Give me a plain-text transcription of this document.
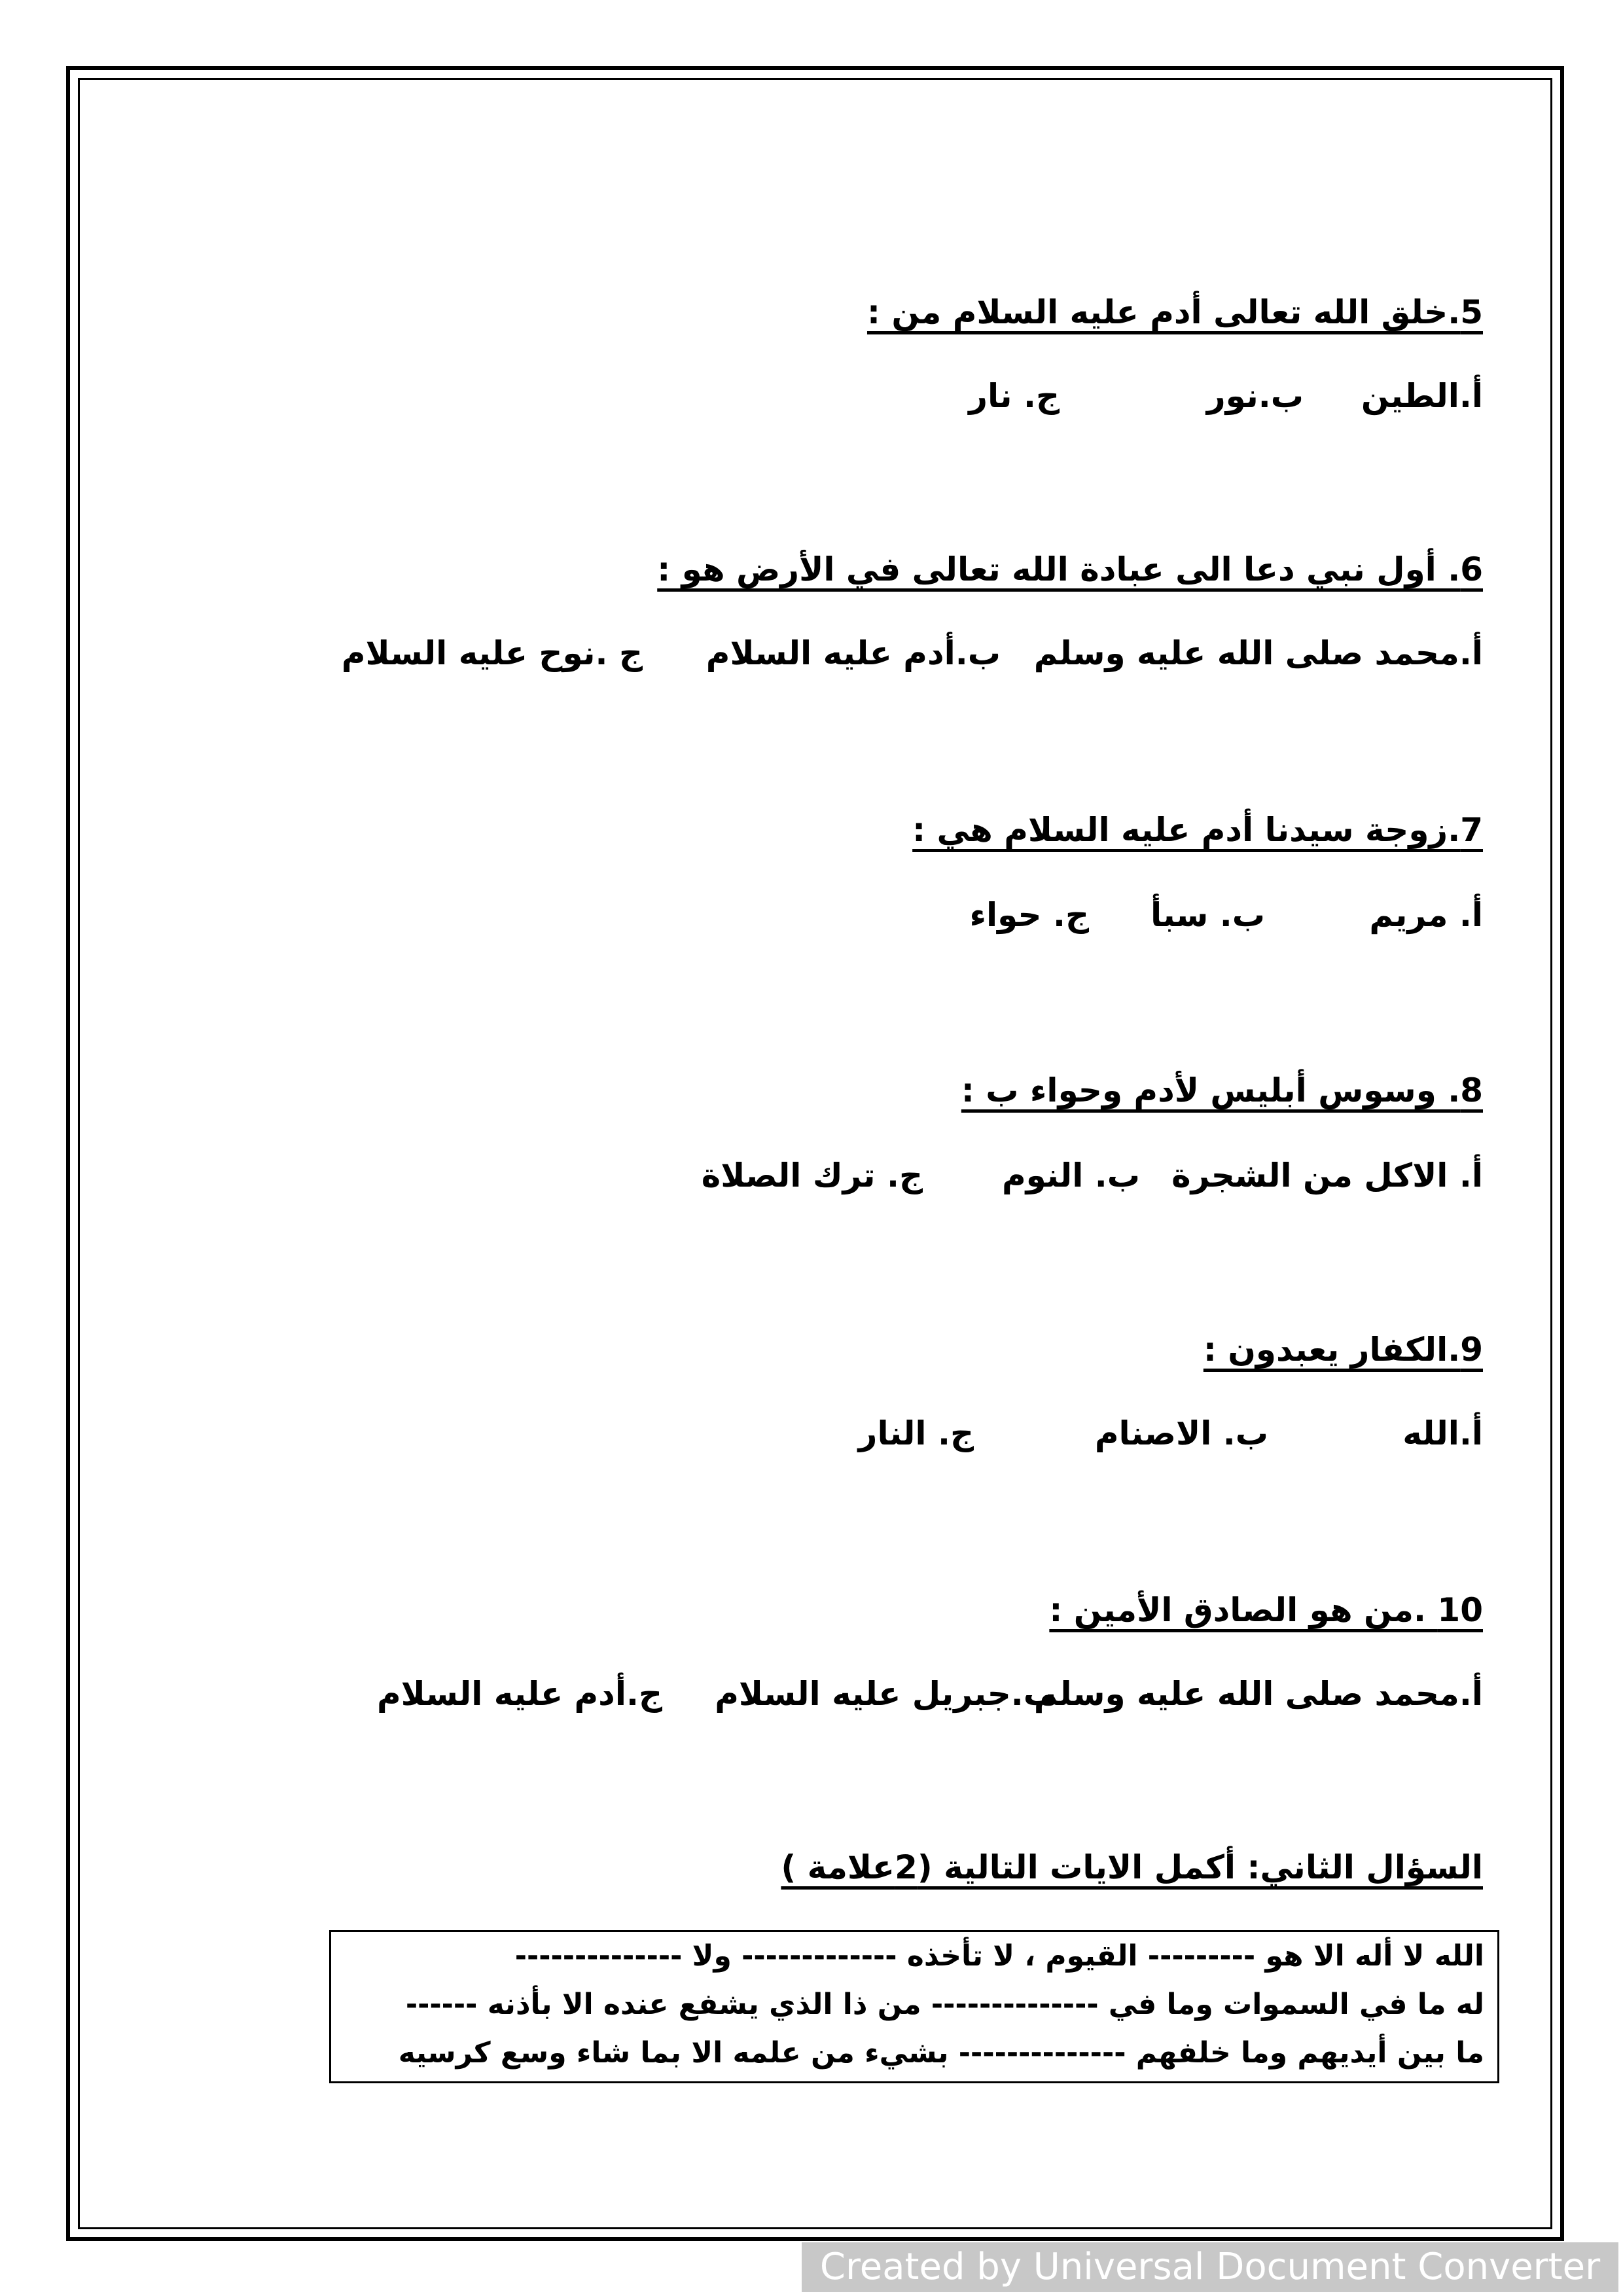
5.خلق الله تعالى أدم عليه السلام من :
أ.الطين
ب.نور
ج. نار
6. أول نبي دعا الى عبادة الله تعالى في الأرض هو :
أ.محمد صلى الله عليه وسلم
ب.أدم عليه السلام
ج .نوح عليه السلام
7.زوجة سيدنا أدم عليه السلام هي :
أ. مريم
ب. سبأ
ج. حواء
8. وسوس أبليس لأدم وحواء ب :
أ. الاكل من الشجرة
ب. النوم
ج. ترك الصلاة
9.الكفار يعبدون :
أ.الله
ب. الاصنام
ج. النار
10 .من هو الصادق الأمين :
أ.محمد صلى الله عليه وسلم
ب.جبريل عليه السلام
ج.أدم عليه السلام
السؤال الثاني: أكمل الايات التالية (2علامة )
الله لا أله الا هو --------- القيوم ، لا تأخذه ------------- ولا --------------
له ما في السموات وما في -------------- من ذا الذي يشفع عنده الا بأذنه ------
ما بين أيديهم وما خلفهم -------------- بشيء من علمه الا بما شاء وسع كرسيه
Created by Universal Document Converter
